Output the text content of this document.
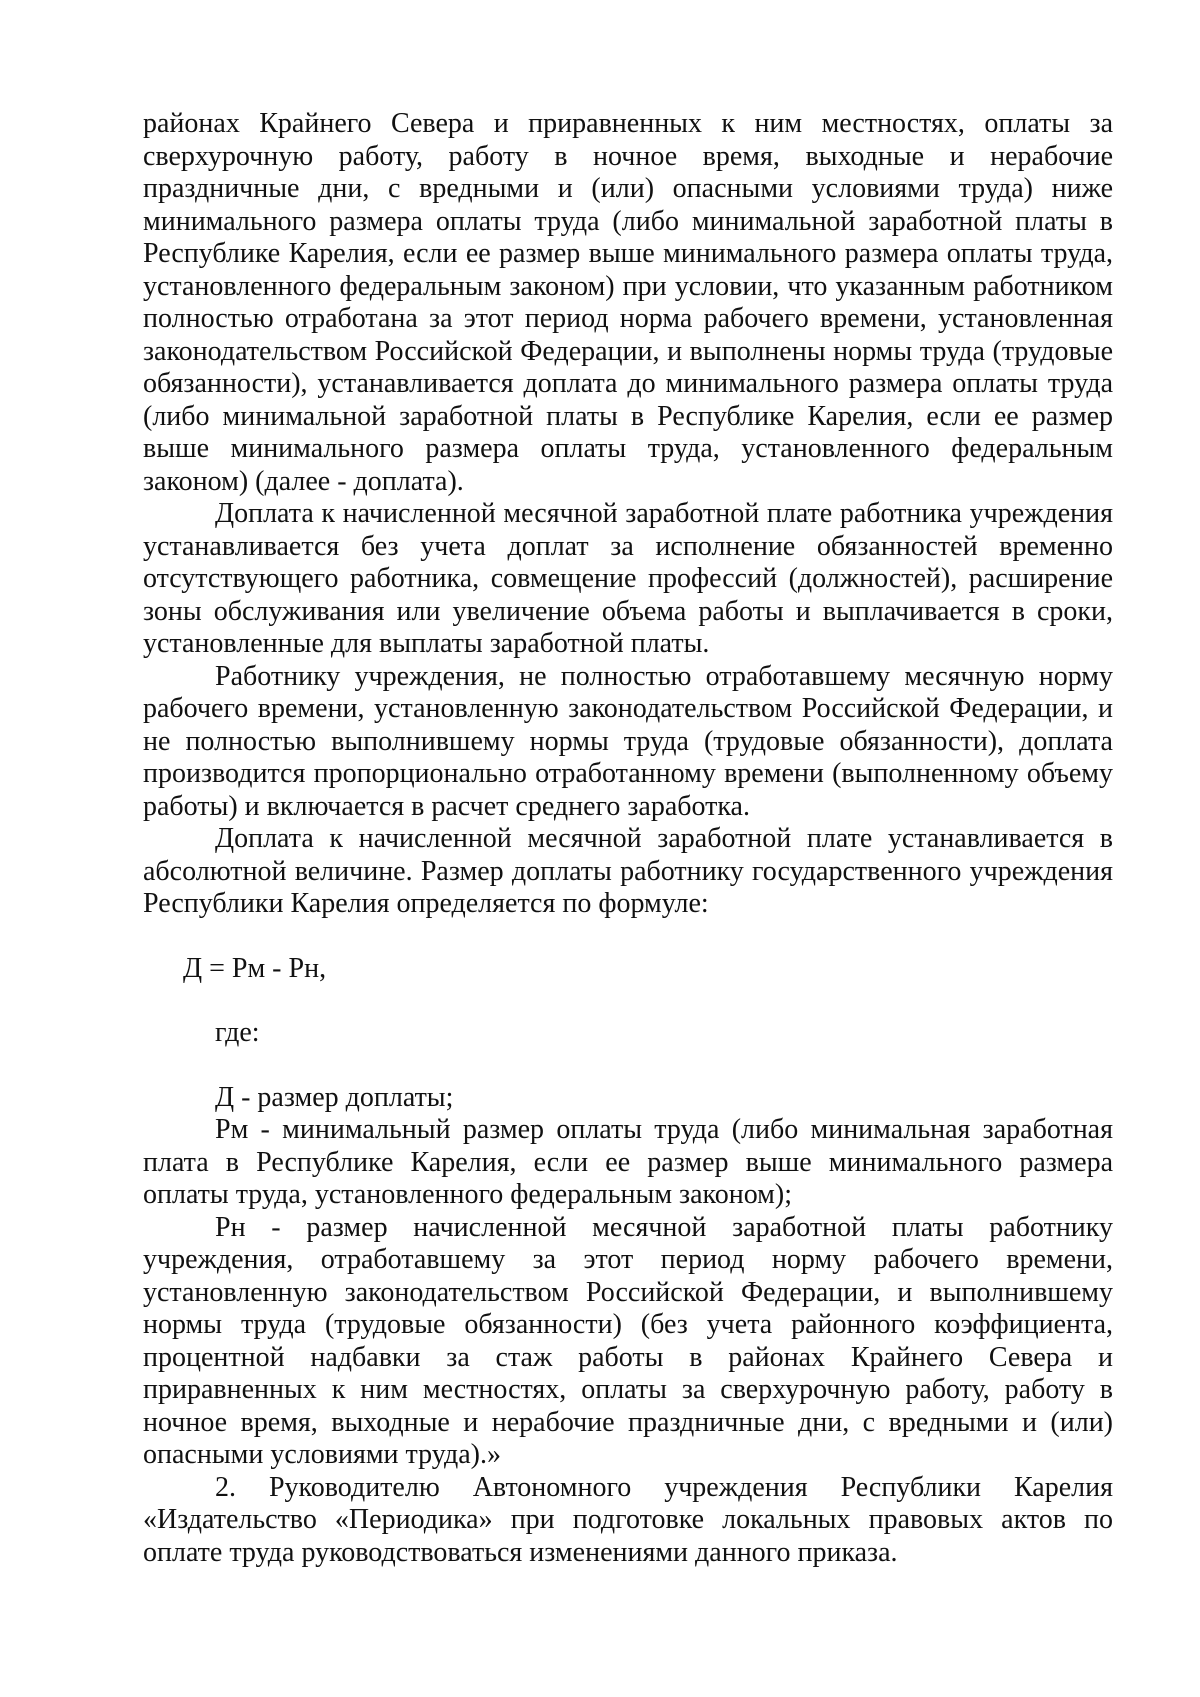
районах Крайнего Севера и приравненных к ним местностях, оплаты за сверхурочную работу, работу в ночное время, выходные и нерабочие праздничные дни, с вредными и (или) опасными условиями труда) ниже минимального размера оплаты труда (либо минимальной заработной платы в Республике Карелия, если ее размер выше минимального размера оплаты труда, установленного федеральным законом) при условии, что указанным работником полностью отработана за этот период норма рабочего времени, установленная законодательством Российской Федерации, и выполнены нормы труда (трудовые обязанности), устанавливается доплата до минимального размера оплаты труда (либо минимальной заработной платы в Республике Карелия, если ее размер выше минимального размера оплаты труда, установленного федеральным законом) (далее - доплата).

Доплата к начисленной месячной заработной плате работника учреждения устанавливается без учета доплат за исполнение обязанностей временно отсутствующего работника, совмещение профессий (должностей), расширение зоны обслуживания или увеличение объема работы и выплачивается в сроки, установленные для выплаты заработной платы.

Работнику учреждения, не полностью отработавшему месячную норму рабочего времени, установленную законодательством Российской Федерации, и не полностью выполнившему нормы труда (трудовые обязанности), доплата производится пропорционально отработанному времени (выполненному объему работы) и включается в расчет среднего заработка.

Доплата к начисленной месячной заработной плате устанавливается в абсолютной величине. Размер доплаты работнику государственного учреждения Республики Карелия определяется по формуле:

Д = Рм - Рн,

где:

Д - размер доплаты;

Рм - минимальный размер оплаты труда (либо минимальная заработная плата в Республике Карелия, если ее размер выше минимального размера оплаты труда, установленного федеральным законом);

Рн - размер начисленной месячной заработной платы работнику учреждения, отработавшему за этот период норму рабочего времени, установленную законодательством Российской Федерации, и выполнившему нормы труда (трудовые обязанности) (без учета районного коэффициента, процентной надбавки за стаж работы в районах Крайнего Севера и приравненных к ним местностях, оплаты за сверхурочную работу, работу в ночное время, выходные и нерабочие праздничные дни, с вредными и (или) опасными условиями труда).»

2. Руководителю Автономного учреждения Республики Карелия «Издательство «Периодика» при подготовке локальных правовых актов по оплате труда руководствоваться изменениями данного приказа.
